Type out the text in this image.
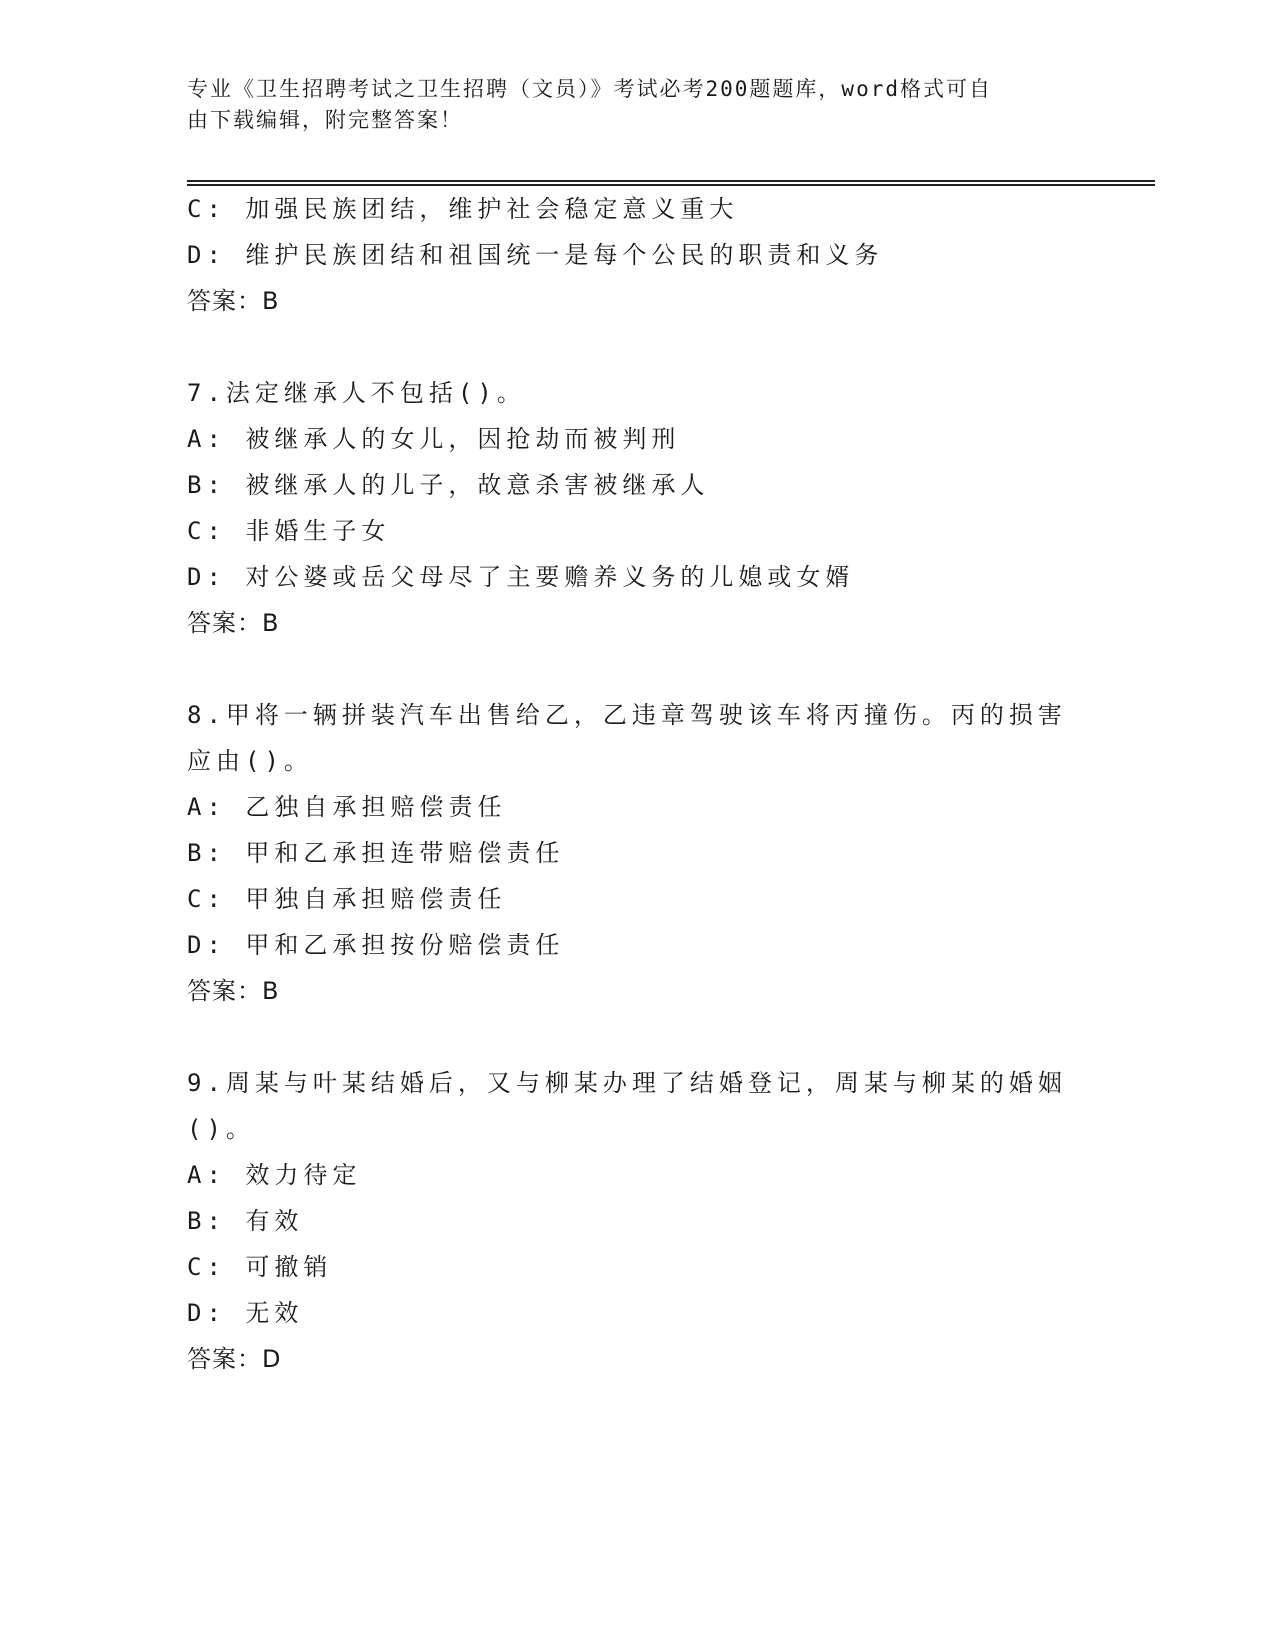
专业《卫生招聘考试之卫生招聘（文员）》考试必考200题题库，word格式可自
由下载编辑，附完整答案！
C: 加强民族团结，维护社会稳定意义重大
D: 维护民族团结和祖国统一是每个公民的职责和义务
答案：B
7.法定继承人不包括()。
A: 被继承人的女儿，因抢劫而被判刑
B: 被继承人的儿子，故意杀害被继承人
C: 非婚生子女
D: 对公婆或岳父母尽了主要赡养义务的儿媳或女婿
答案：B
8.甲将一辆拼装汽车出售给乙，乙违章驾驶该车将丙撞伤。丙的损害
应由()。
A: 乙独自承担赔偿责任
B: 甲和乙承担连带赔偿责任
C: 甲独自承担赔偿责任
D: 甲和乙承担按份赔偿责任
答案：B
9.周某与叶某结婚后，又与柳某办理了结婚登记，周某与柳某的婚姻
()。
A: 效力待定
B: 有效
C: 可撤销
D: 无效
答案：D
